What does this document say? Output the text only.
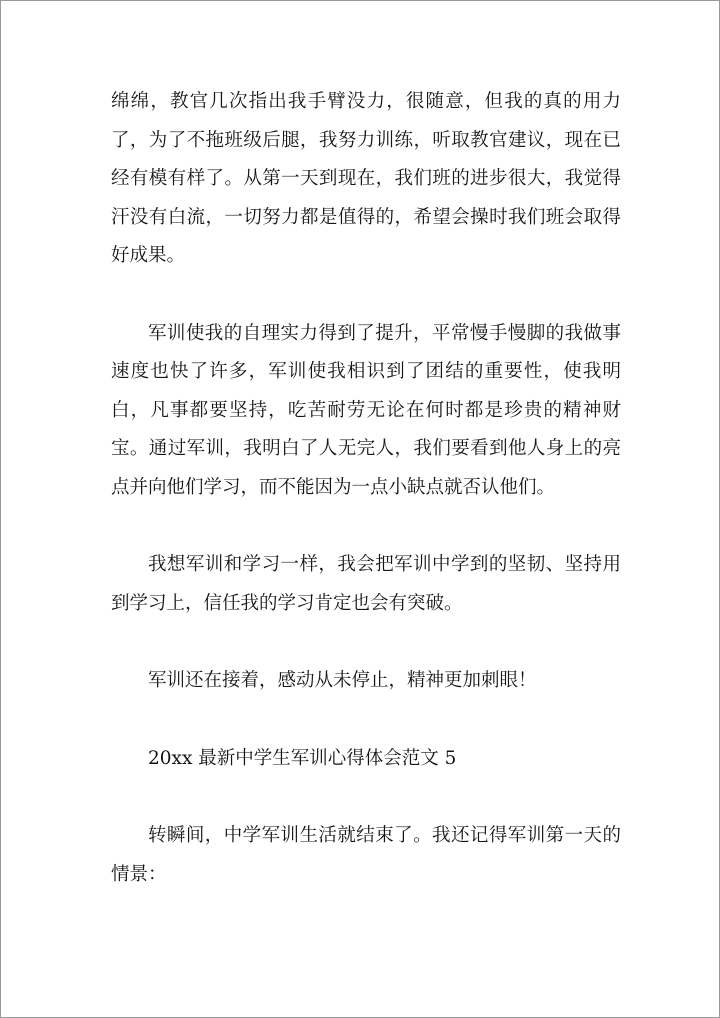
绵绵，教官几次指出我手臂没力，很随意，但我的真的用力了，为了不拖班级后腿，我努力训练，听取教官建议，现在已经有模有样了。从第一天到现在，我们班的进步很大，我觉得汗没有白流，一切努力都是值得的，希望会操时我们班会取得好成果。

军训使我的自理实力得到了提升，平常慢手慢脚的我做事速度也快了许多，军训使我相识到了团结的重要性，使我明白，凡事都要坚持，吃苦耐劳无论在何时都是珍贵的精神财宝。通过军训，我明白了人无完人，我们要看到他人身上的亮点并向他们学习，而不能因为一点小缺点就否认他们。

我想军训和学习一样，我会把军训中学到的坚韧、坚持用到学习上，信任我的学习肯定也会有突破。

军训还在接着，感动从未停止，精神更加刺眼！

20xx 最新中学生军训心得体会范文 5

转瞬间，中学军训生活就结束了。我还记得军训第一天的情景：
